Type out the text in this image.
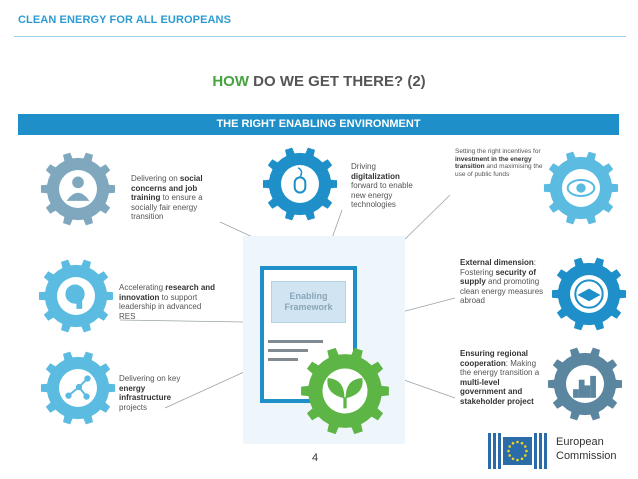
CLEAN ENERGY FOR ALL EUROPEANS
HOW DO WE GET THERE? (2)
THE RIGHT ENABLING ENVIRONMENT
Enabling
Framework
Delivering on social concerns and job training to ensure a socially fair energy transition
Driving digitalization forward to enable new energy technologies
Setting the right incentives for investment in the energy transition and maximising the use of public funds
Accelerating research and innovation to support leadership in advanced RES
External dimension: Fostering security of supply and promoting clean energy measures abroad
Delivering on key energy infrastructure projects
Ensuring regional cooperation: Making the energy transition a multi-level government and stakeholder project
4
European
Commission
